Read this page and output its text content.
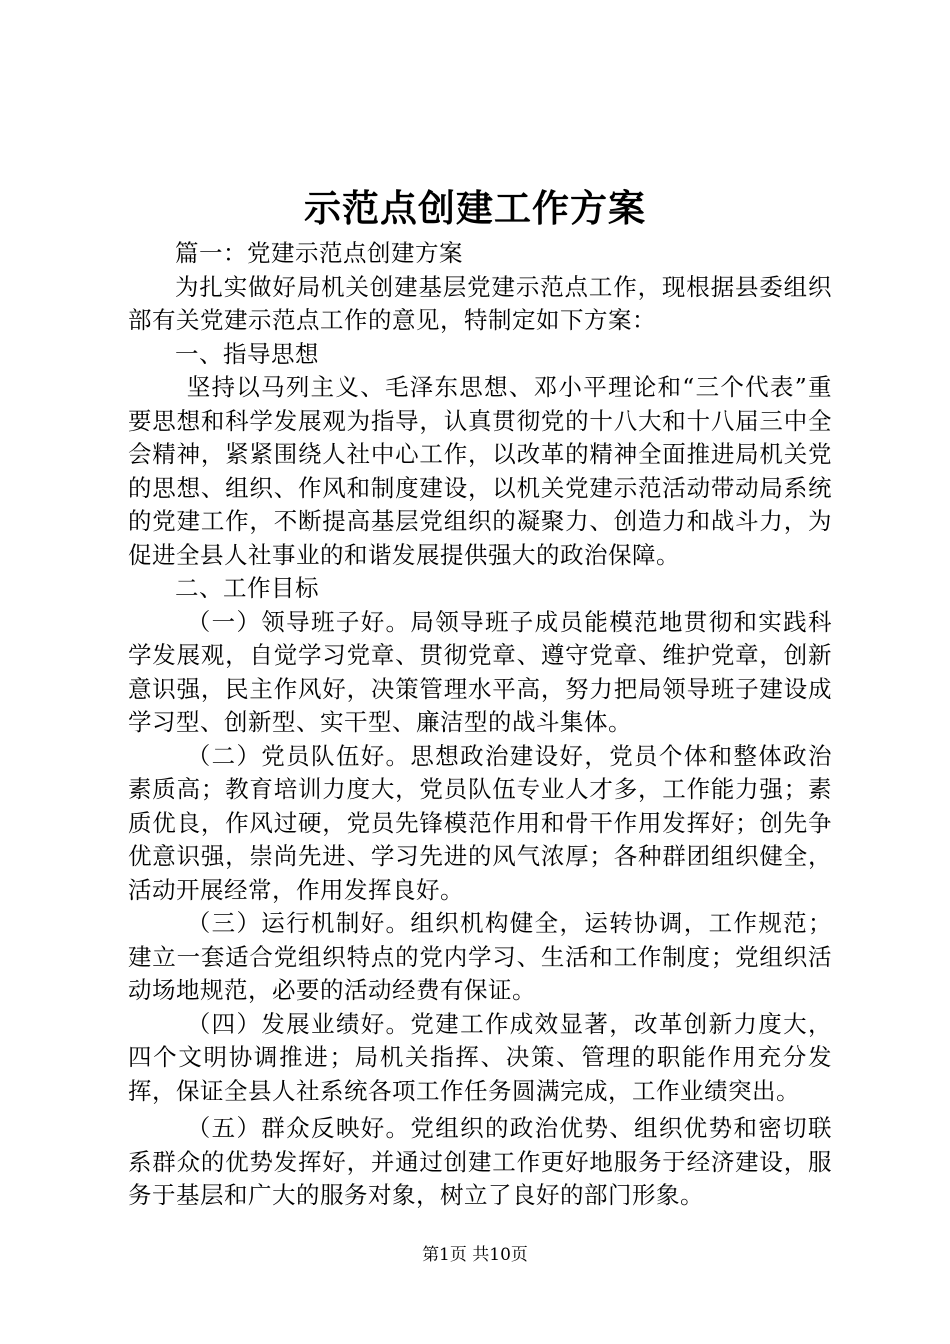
示范点创建工作方案

篇一：党建示范点创建方案

为扎实做好局机关创建基层党建示范点工作，现根据县委组织部有关党建示范点工作的意见，特制定如下方案：

一、指导思想

坚持以马列主义、毛泽东思想、邓小平理论和“三个代表”重要思想和科学发展观为指导，认真贯彻党的十八大和十八届三中全会精神，紧紧围绕人社中心工作，以改革的精神全面推进局机关党的思想、组织、作风和制度建设，以机关党建示范活动带动局系统的党建工作，不断提高基层党组织的凝聚力、创造力和战斗力，为促进全县人社事业的和谐发展提供强大的政治保障。

二、工作目标

（一）领导班子好。局领导班子成员能模范地贯彻和实践科学发展观，自觉学习党章、贯彻党章、遵守党章、维护党章，创新意识强，民主作风好，决策管理水平高，努力把局领导班子建设成学习型、创新型、实干型、廉洁型的战斗集体。

（二）党员队伍好。思想政治建设好，党员个体和整体政治素质高；教育培训力度大，党员队伍专业人才多，工作能力强；素质优良，作风过硬，党员先锋模范作用和骨干作用发挥好；创先争优意识强，崇尚先进、学习先进的风气浓厚；各种群团组织健全，活动开展经常，作用发挥良好。

（三）运行机制好。组织机构健全，运转协调，工作规范；建立一套适合党组织特点的党内学习、生活和工作制度；党组织活动场地规范，必要的活动经费有保证。

（四）发展业绩好。党建工作成效显著，改革创新力度大，四个文明协调推进；局机关指挥、决策、管理的职能作用充分发挥，保证全县人社系统各项工作任务圆满完成，工作业绩突出。

（五）群众反映好。党组织的政治优势、组织优势和密切联系群众的优势发挥好，并通过创建工作更好地服务于经济建设，服务于基层和广大的服务对象，树立了良好的部门形象。

第1页 共10页
